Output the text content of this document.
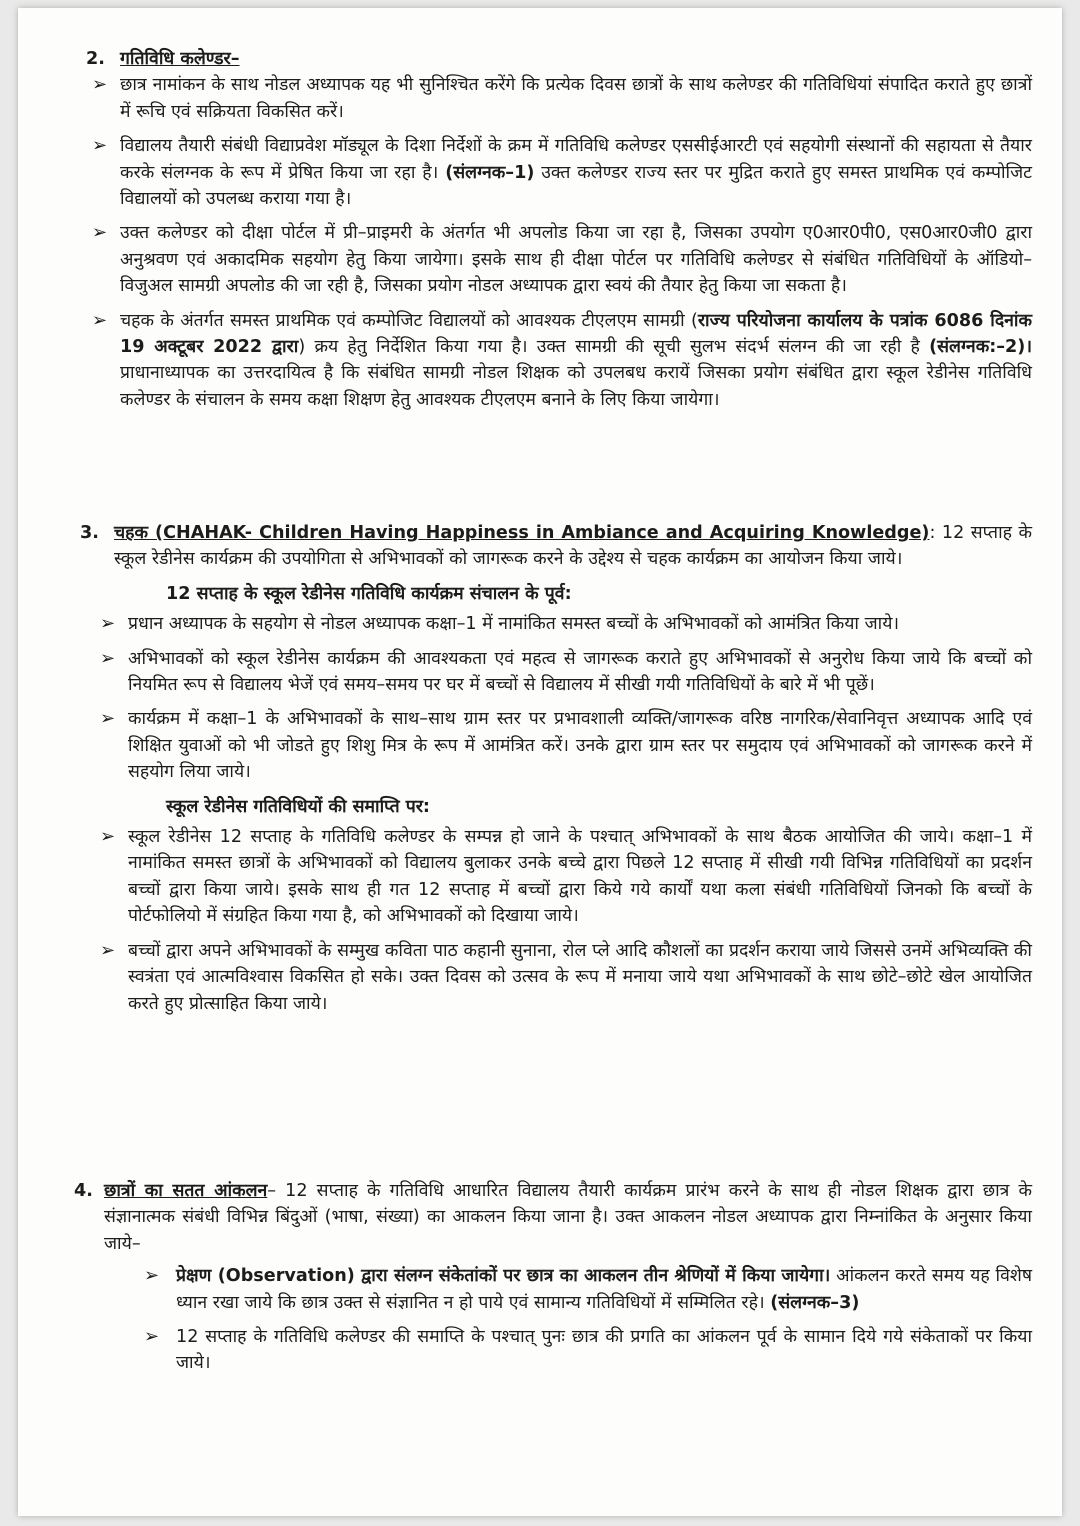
2. गतिविधि कलेण्डर–
➢ छात्र नामांकन के साथ नोडल अध्यापक यह भी सुनिश्चित करेंगे कि प्रत्येक दिवस छात्रों के साथ कलेण्डर की गतिविधियां संपादित कराते हुए छात्रों में रूचि एवं सक्रियता विकसित करें।
➢ विद्यालय तैयारी संबंधी विद्याप्रवेश मॉड्यूल के दिशा निर्देशों के क्रम में गतिविधि कलेण्डर एससीईआरटी एवं सहयोगी संस्थानों की सहायता से तैयार करके संलग्नक के रूप में प्रेषित किया जा रहा है। (संलग्नक–1) उक्त कलेण्डर राज्य स्तर पर मुद्रित कराते हुए समस्त प्राथमिक एवं कम्पोजिट विद्यालयों को उपलब्ध कराया गया है।
➢ उक्त कलेण्डर को दीक्षा पोर्टल में प्री–प्राइमरी के अंतर्गत भी अपलोड किया जा रहा है, जिसका उपयोग ए0आर0पी0, एस0आर0जी0 द्वारा अनुश्रवण एवं अकादमिक सहयोग हेतु किया जायेगा। इसके साथ ही दीक्षा पोर्टल पर गतिविधि कलेण्डर से संबंधित गतिविधियों के ऑडियो–विजुअल सामग्री अपलोड की जा रही है, जिसका प्रयोग नोडल अध्यापक द्वारा स्वयं की तैयार हेतु किया जा सकता है।
➢ चहक के अंतर्गत समस्त प्राथमिक एवं कम्पोजिट विद्यालयों को आवश्यक टीएलएम सामग्री (राज्य परियोजना कार्यालय के पत्रांक 6086 दिनांक 19 अक्टूबर 2022 द्वारा) क्रय हेतु निर्देशित किया गया है। उक्त सामग्री की सूची सुलभ संदर्भ संलग्न की जा रही है (संलग्नक:–2)। प्राधानाध्यापक का उत्तरदायित्व है कि संबंधित सामग्री नोडल शिक्षक को उपलबध करायें जिसका प्रयोग संबंधित द्वारा स्कूल रेडीनेस गतिविधि कलेण्डर के संचालन के समय कक्षा शिक्षण हेतु आवश्यक टीएलएम बनाने के लिए किया जायेगा।
3. चहक (CHAHAK- Children Having Happiness in Ambiance and Acquiring Knowledge): 12 सप्ताह के स्कूल रेडीनेस कार्यक्रम की उपयोगिता से अभिभावकों को जागरूक करने के उद्देश्य से चहक कार्यक्रम का आयोजन किया जाये।
12 सप्ताह के स्कूल रेडीनेस गतिविधि कार्यक्रम संचालन के पूर्व:
➢ प्रधान अध्यापक के सहयोग से नोडल अध्यापक कक्षा–1 में नामांकित समस्त बच्चों के अभिभावकों को आमंत्रित किया जाये।
➢ अभिभावकों को स्कूल रेडीनेस कार्यक्रम की आवश्यकता एवं महत्व से जागरूक कराते हुए अभिभावकों से अनुरोध किया जाये कि बच्चों को नियमित रूप से विद्यालय भेजें एवं समय–समय पर घर में बच्चों से विद्यालय में सीखी गयी गतिविधियों के बारे में भी पूछें।
➢ कार्यक्रम में कक्षा–1 के अभिभावकों के साथ–साथ ग्राम स्तर पर प्रभावशाली व्यक्ति/जागरूक वरिष्ठ नागरिक/सेवानिवृत्त अध्यापक आदि एवं शिक्षित युवाओं को भी जोडते हुए शिशु मित्र के रूप में आमंत्रित करें। उनके द्वारा ग्राम स्तर पर समुदाय एवं अभिभावकों को जागरूक करने में सहयोग लिया जाये।
स्कूल रेडीनेस गतिविधियों की समाप्ति पर:
➢ स्कूल रेडीनेस 12 सप्ताह के गतिविधि कलेण्डर के सम्पन्न हो जाने के पश्चात् अभिभावकों के साथ बैठक आयोजित की जाये। कक्षा–1 में नामांकित समस्त छात्रों के अभिभावकों को विद्यालय बुलाकर उनके बच्चे द्वारा पिछले 12 सप्ताह में सीखी गयी विभिन्न गतिविधियों का प्रदर्शन बच्चों द्वारा किया जाये। इसके साथ ही गत 12 सप्ताह में बच्चों द्वारा किये गये कार्यों यथा कला संबंधी गतिविधियों जिनको कि बच्चों के पोर्टफोलियो में संग्रहित किया गया है, को अभिभावकों को दिखाया जाये।
➢ बच्चों द्वारा अपने अभिभावकों के सम्मुख कविता पाठ कहानी सुनाना, रोल प्ले आदि कौशलों का प्रदर्शन कराया जाये जिससे उनमें अभिव्यक्ति की स्वत्रंता एवं आत्मविश्वास विकसित हो सके। उक्त दिवस को उत्सव के रूप में मनाया जाये यथा अभिभावकों के साथ छोटे–छोटे खेल आयोजित करते हुए प्रोत्साहित किया जाये।
4. छात्रों का सतत आंकलन– 12 सप्ताह के गतिविधि आधारित विद्यालय तैयारी कार्यक्रम प्रारंभ करने के साथ ही नोडल शिक्षक द्वारा छात्र के संज्ञानात्मक संबंधी विभिन्न बिंदुओं (भाषा, संख्या) का आकलन किया जाना है। उक्त आकलन नोडल अध्यापक द्वारा निम्नांकित के अनुसार किया जाये–
➢ प्रेक्षण (Observation) द्वारा संलग्न संकेतांकों पर छात्र का आकलन तीन श्रेणियों में किया जायेगा। आंकलन करते समय यह विशेष ध्यान रखा जाये कि छात्र उक्त से संज्ञानित न हो पाये एवं सामान्य गतिविधियों में सम्मिलित रहे। (संलग्नक–3)
➢ 12 सप्ताह के गतिविधि कलेण्डर की समाप्ति के पश्चात् पुनः छात्र की प्रगति का आंकलन पूर्व के सामान दिये गये संकेताकों पर किया जाये।
